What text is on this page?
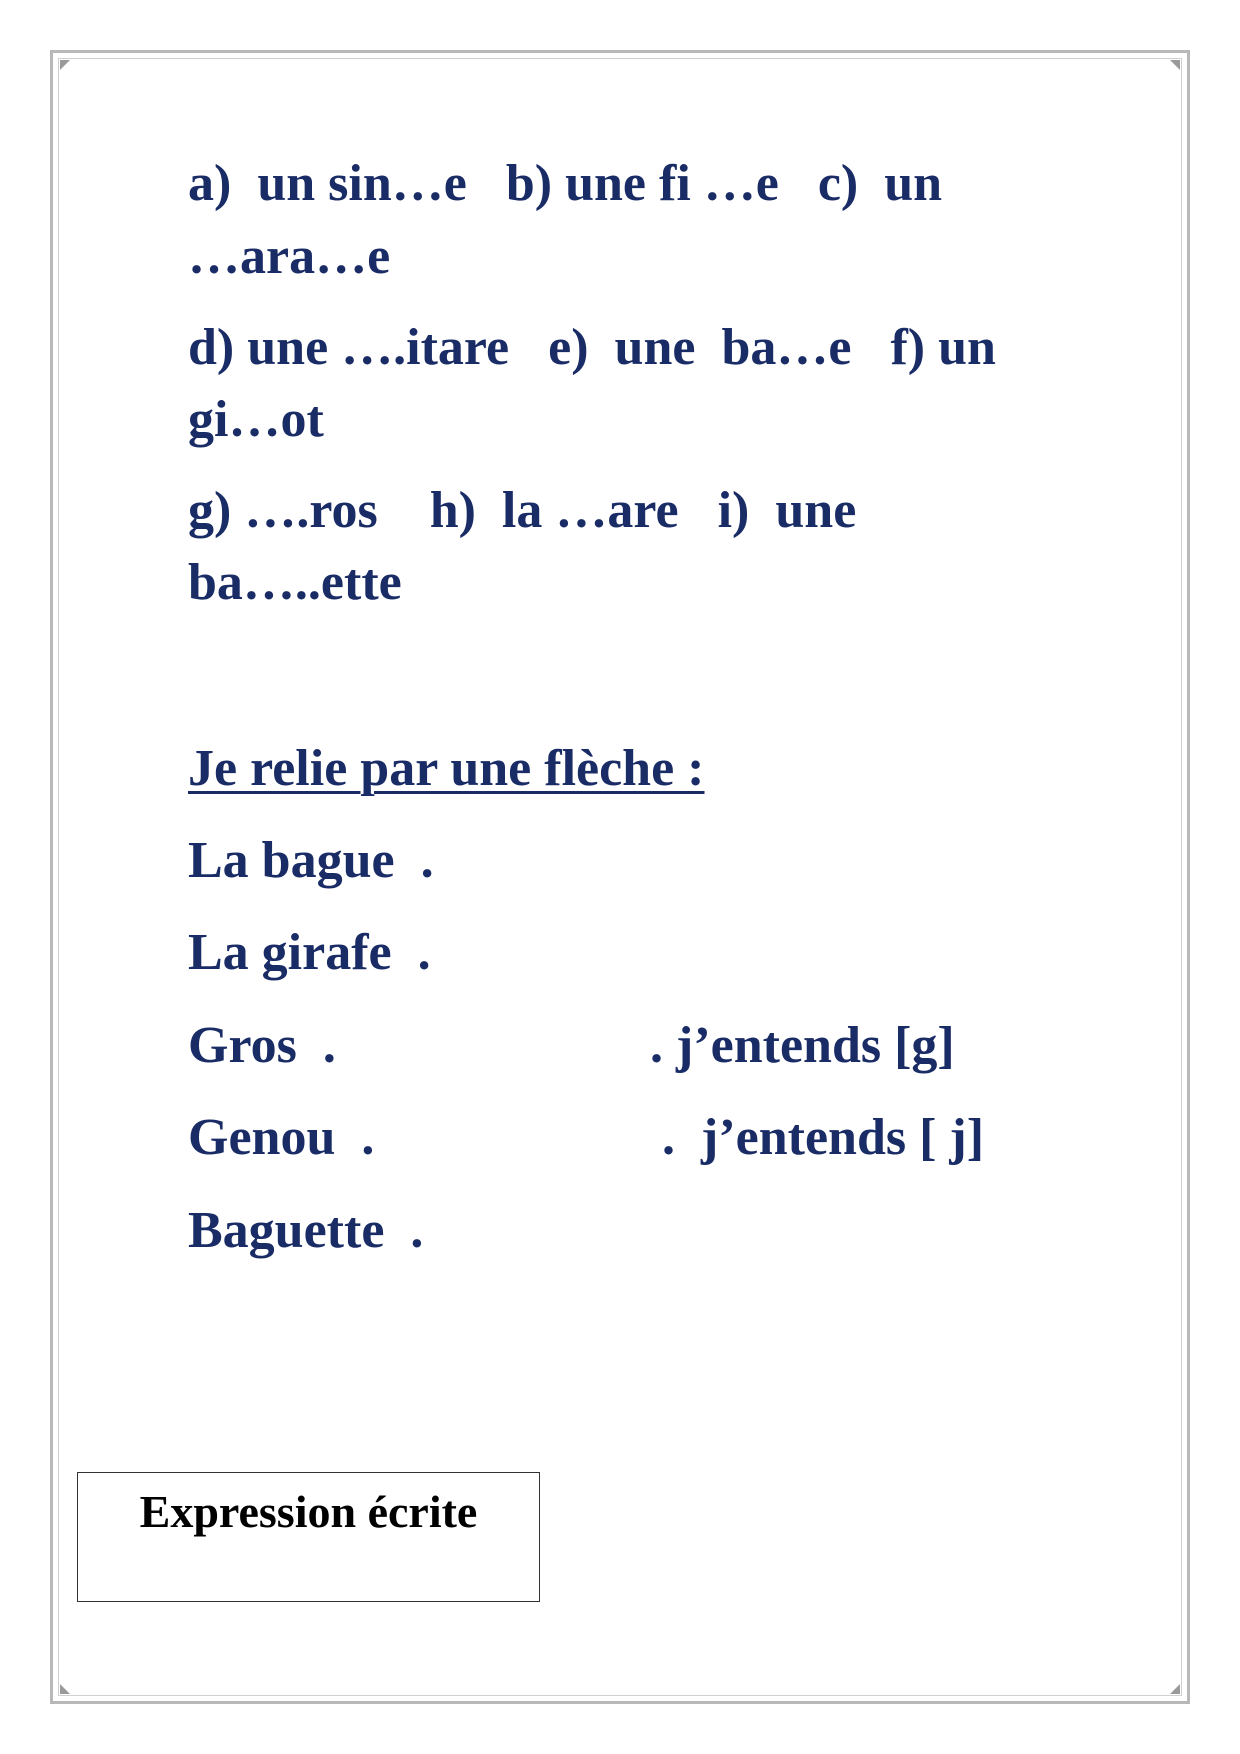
a)  un sin…e   b) une fi …e   c)  un
…ara…e
d) une ….itare   e)  une  ba…e   f) un
gi…ot
g) ….ros    h)  la …are   i)  une
ba…..ette
Je relie par une flèche :
La bague  .
La girafe  .
Gros  .
Genou  .
Baguette  .
. j’entends [g]
.  j’entends [ j]
Expression écrite
